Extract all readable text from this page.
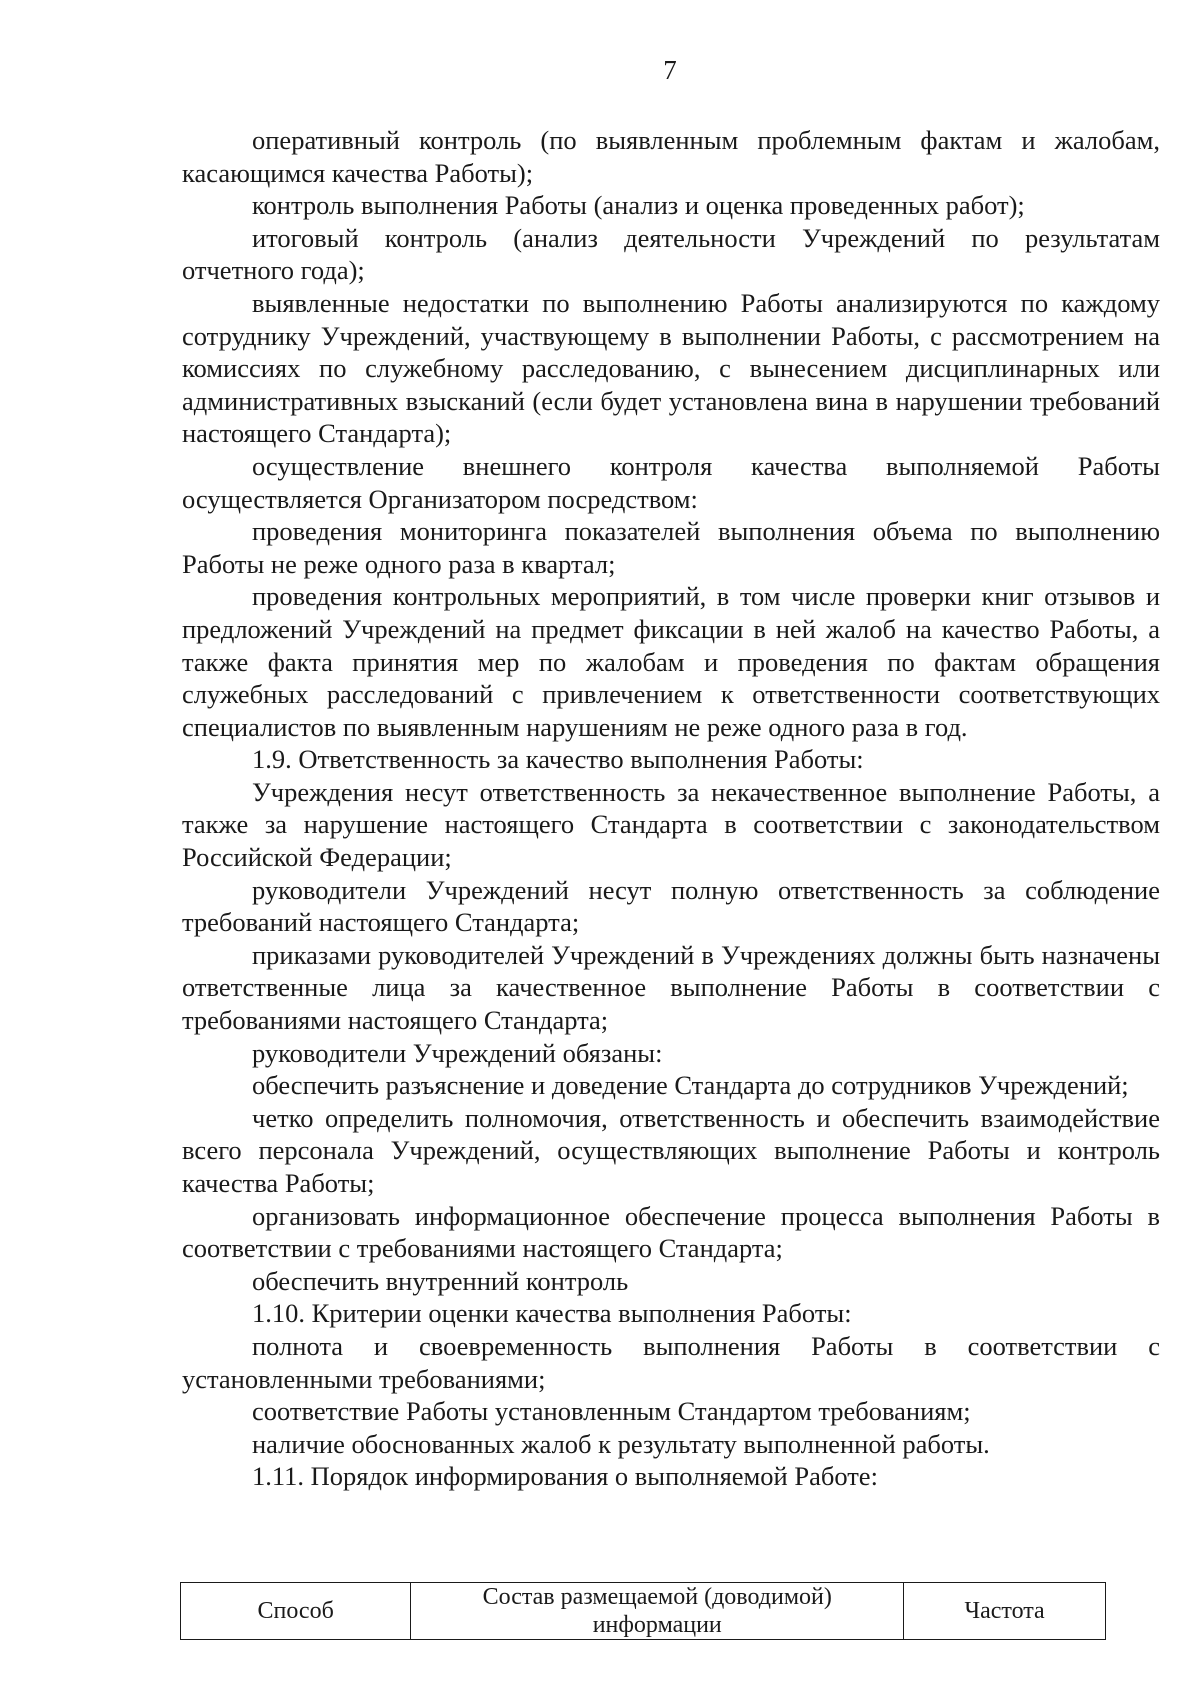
7

оперативный контроль (по выявленным проблемным фактам и жалобам, касающимся качества Работы);

контроль выполнения Работы (анализ и оценка проведенных работ);

итоговый контроль (анализ деятельности Учреждений по результатам отчетного года);

выявленные недостатки по выполнению Работы анализируются по каждому сотруднику Учреждений, участвующему в выполнении Работы, с рассмотрением на комиссиях по служебному расследованию, с вынесением дисциплинарных или административных взысканий (если будет установлена вина в нарушении требований настоящего Стандарта);

осуществление внешнего контроля качества выполняемой Работы осуществляется Организатором посредством:

проведения мониторинга показателей выполнения объема по выполнению Работы не реже одного раза в квартал;

проведения контрольных мероприятий, в том числе проверки книг отзывов и предложений Учреждений на предмет фиксации в ней жалоб на качество Работы, а также факта принятия мер по жалобам и проведения по фактам обращения служебных расследований с привлечением к ответственности соответствующих специалистов по выявленным нарушениям не реже одного раза в год.

1.9. Ответственность за качество выполнения Работы:

Учреждения несут ответственность за некачественное выполнение Работы, а также за нарушение настоящего Стандарта в соответствии с законодательством Российской Федерации;

руководители Учреждений несут полную ответственность за соблюдение требований настоящего Стандарта;

приказами руководителей Учреждений в Учреждениях должны быть назначены ответственные лица за качественное выполнение Работы в соответствии с требованиями настоящего Стандарта;

руководители Учреждений обязаны:

обеспечить разъяснение и доведение Стандарта до сотрудников Учреждений;

четко определить полномочия, ответственность и обеспечить взаимодействие всего персонала Учреждений, осуществляющих выполнение Работы и контроль качества Работы;

организовать информационное обеспечение процесса выполнения Работы в соответствии с требованиями настоящего Стандарта;

обеспечить внутренний контроль

1.10. Критерии оценки качества выполнения Работы:

полнота и своевременность выполнения Работы в соответствии с установленными требованиями;

соответствие Работы установленным Стандартом требованиям;

наличие обоснованных жалоб к результату выполненной работы.

1.11. Порядок информирования о выполняемой Работе:

Способ	Состав размещаемой (доводимой) информации	Частота
